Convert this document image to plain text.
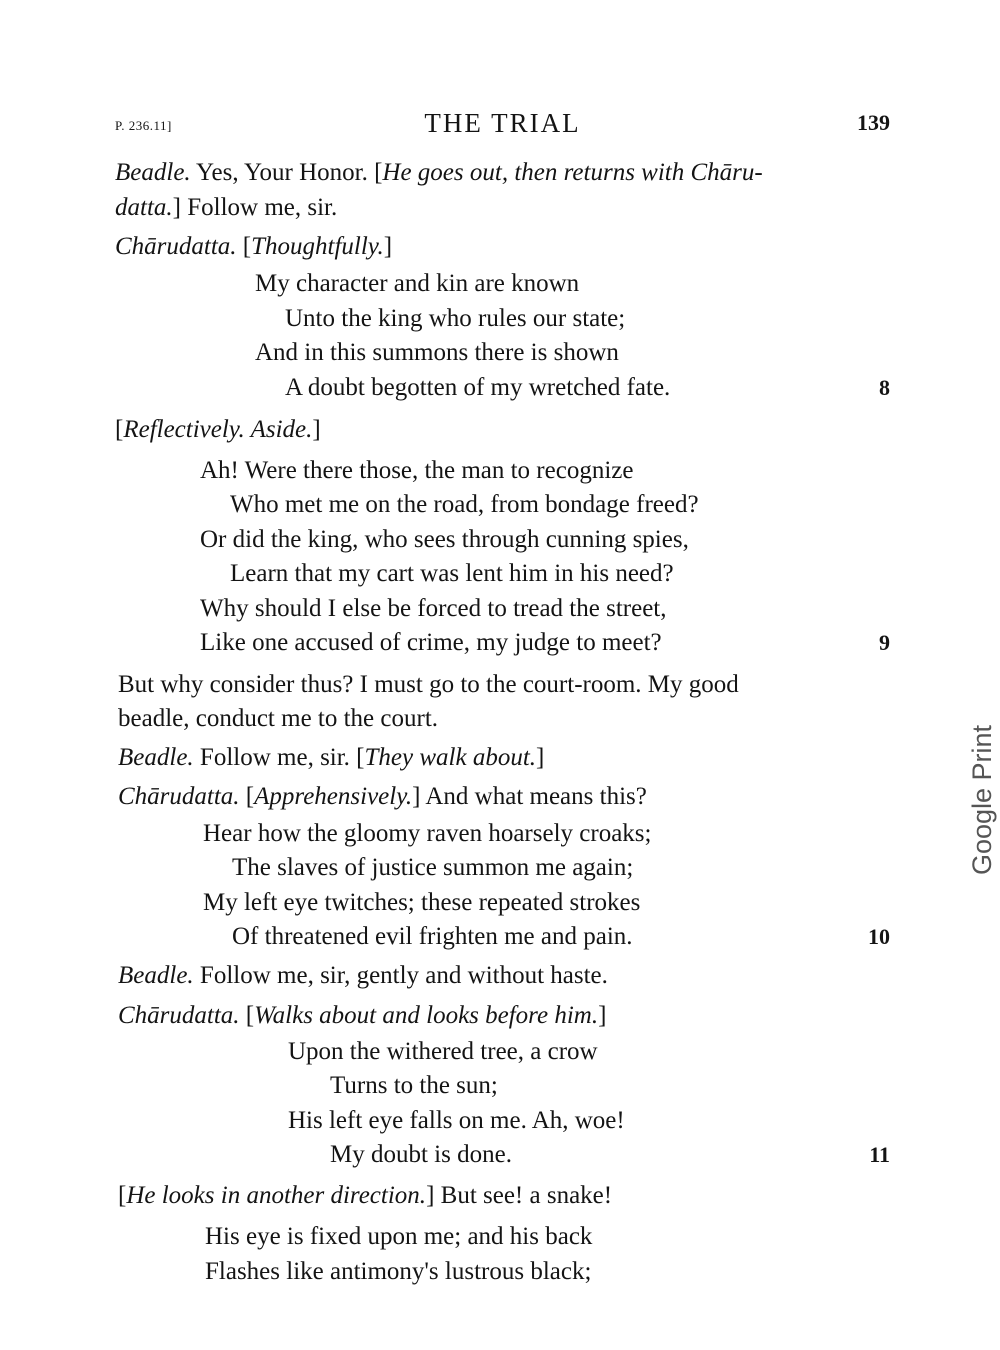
P. 236.11]	THE TRIAL	139
Beadle. Yes, Your Honor. [He goes out, then returns with Chāru-
datta.] Follow me, sir.
Chārudatta. [Thoughtfully.]
My character and kin are known
Unto the king who rules our state;
And in this summons there is shown
A doubt begotten of my wretched fate.
[Reflectively. Aside.]
Ah! Were there those, the man to recognize
Who met me on the road, from bondage freed?
Or did the king, who sees through cunning spies,
Learn that my cart was lent him in his need?
Why should I else be forced to tread the street,
Like one accused of crime, my judge to meet?
But why consider thus? I must go to the court-room. My good
beadle, conduct me to the court.
Beadle. Follow me, sir. [They walk about.]
Chārudatta. [Apprehensively.] And what means this?
Hear how the gloomy raven hoarsely croaks;
The slaves of justice summon me again;
My left eye twitches; these repeated strokes
Of threatened evil frighten me and pain.
Beadle. Follow me, sir, gently and without haste.
Chārudatta. [Walks about and looks before him.]
Upon the withered tree, a crow
Turns to the sun;
His left eye falls on me. Ah, woe!
My doubt is done.
[He looks in another direction.] But see! a snake!
His eye is fixed upon me; and his back
Flashes like antimony's lustrous black;
8
9
10
11
Google Print
